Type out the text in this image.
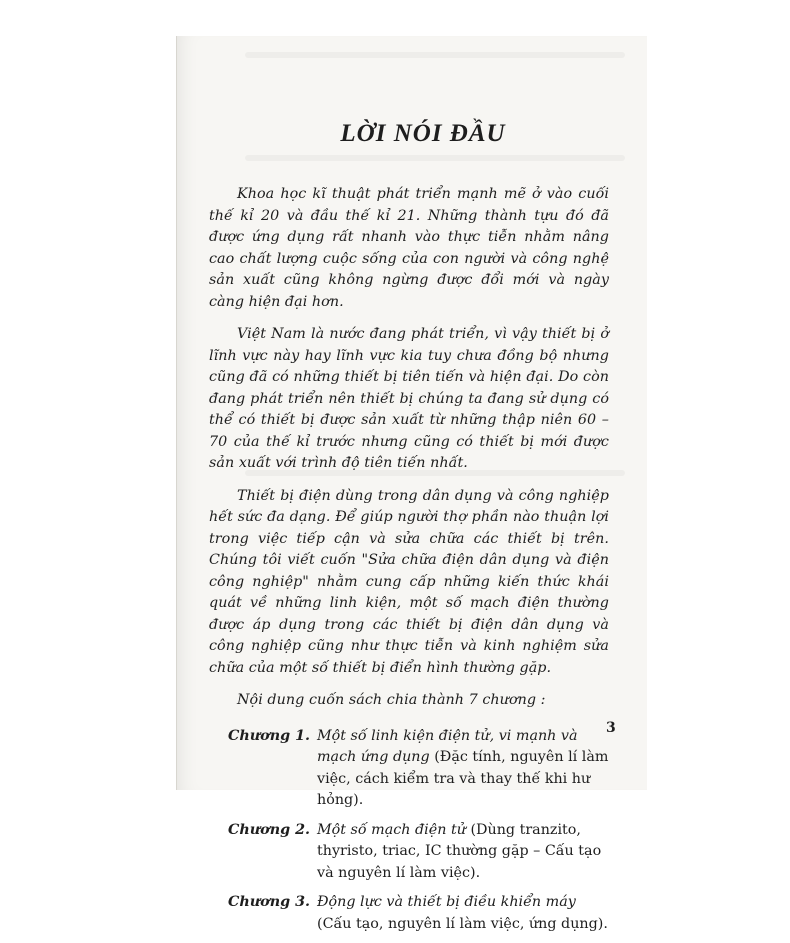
LỜI NÓI ĐẦU

Khoa học kĩ thuật phát triển mạnh mẽ ở vào cuối thế kỉ 20 và đầu thế kỉ 21. Những thành tựu đó đã được ứng dụng rất nhanh vào thực tiễn nhằm nâng cao chất lượng cuộc sống của con người và công nghệ sản xuất cũng không ngừng được đổi mới và ngày càng hiện đại hơn.

Việt Nam là nước đang phát triển, vì vậy thiết bị ở lĩnh vực này hay lĩnh vực kia tuy chưa đồng bộ nhưng cũng đã có những thiết bị tiên tiến và hiện đại. Do còn đang phát triển nên thiết bị chúng ta đang sử dụng có thể có thiết bị được sản xuất từ những thập niên 60 – 70 của thế kỉ trước nhưng cũng có thiết bị mới được sản xuất với trình độ tiên tiến nhất.

Thiết bị điện dùng trong dân dụng và công nghiệp hết sức đa dạng. Để giúp người thợ phần nào thuận lợi trong việc tiếp cận và sửa chữa các thiết bị trên. Chúng tôi viết cuốn "Sửa chữa điện dân dụng và điện công nghiệp" nhằm cung cấp những kiến thức khái quát về những linh kiện, một số mạch điện thường được áp dụng trong các thiết bị điện dân dụng và công nghiệp cũng như thực tiễn và kinh nghiệm sửa chữa của một số thiết bị điển hình thường gặp.

Nội dung cuốn sách chia thành 7 chương :

Chương 1. Một số linh kiện điện tử, vi mạnh và mạch ứng dụng (Đặc tính, nguyên lí làm việc, cách kiểm tra và thay thế khi hư hỏng).
Chương 2. Một số mạch điện tử (Dùng tranzito, thyristo, triac, IC thường gặp – Cấu tạo và nguyên lí làm việc).
Chương 3. Động lực và thiết bị điều khiển máy
(Cấu tạo, nguyên lí làm việc, ứng dụng).
3
